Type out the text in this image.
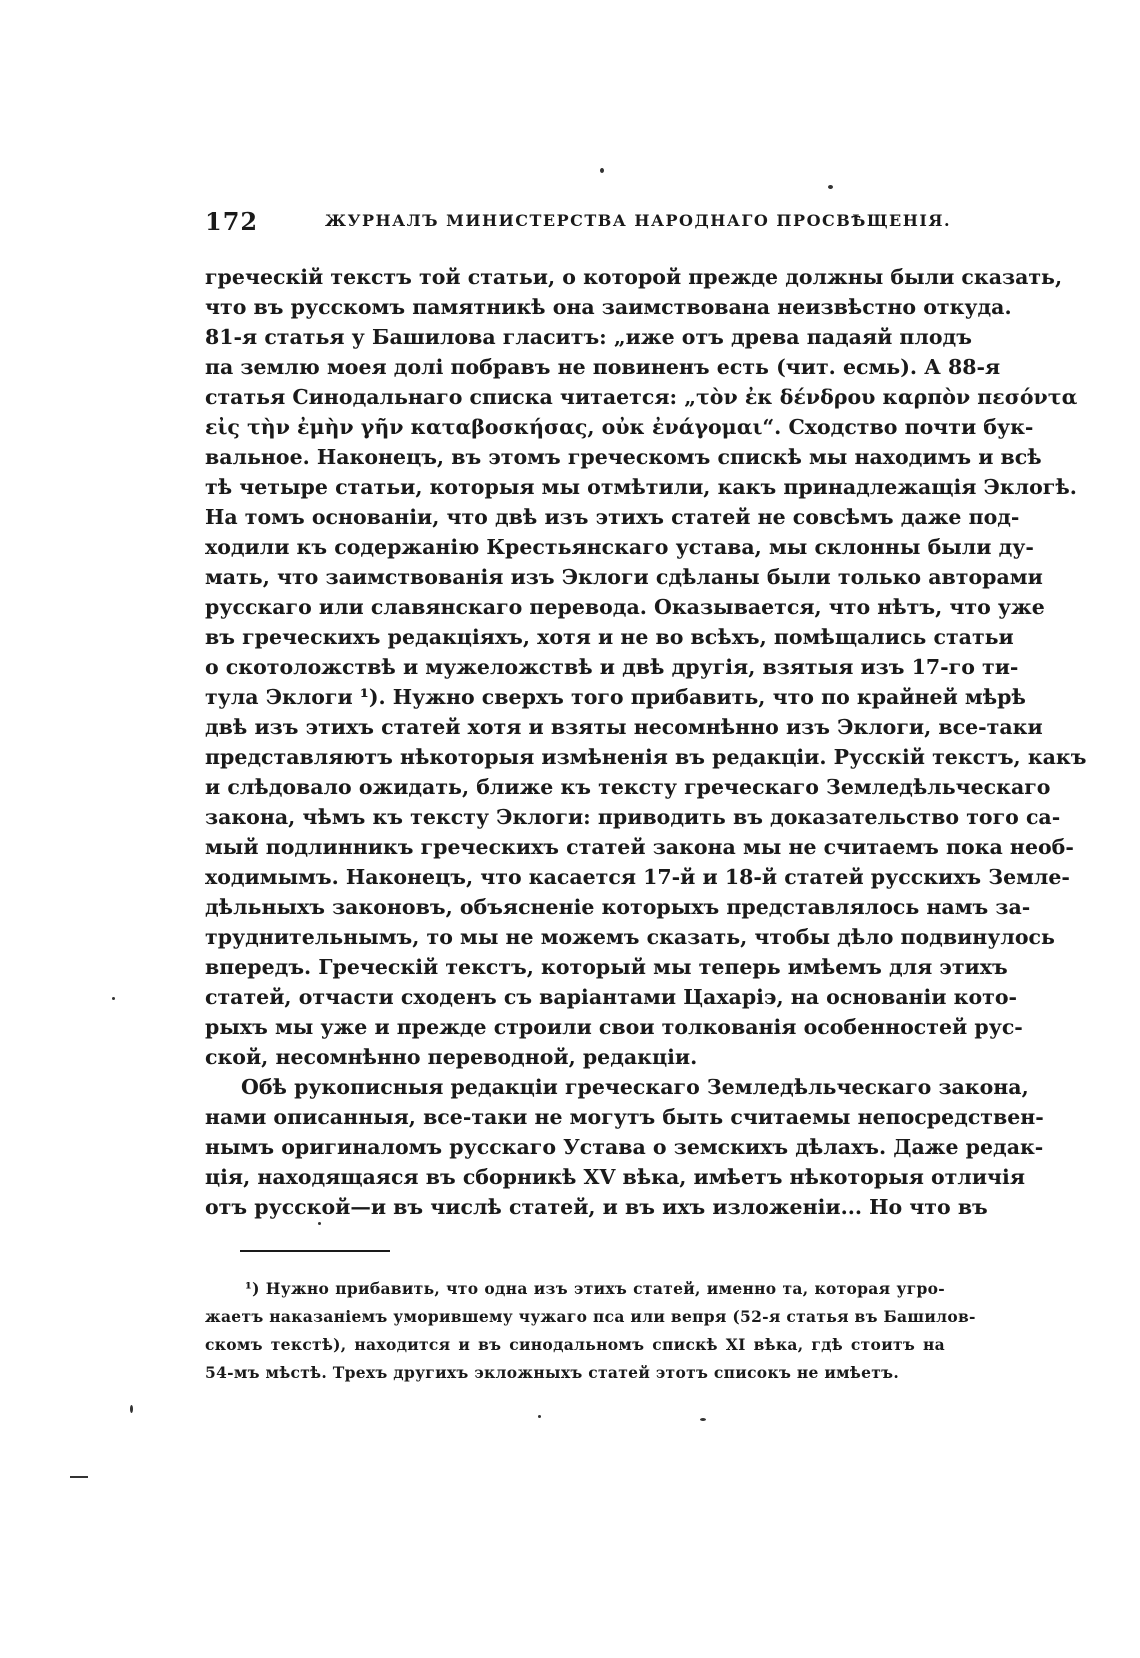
172	ЖУРНАЛЪ МИНИСТЕРСТВА НАРОДНАГО ПРОСВѢЩЕНІЯ.

греческій текстъ той статьи, о которой прежде должны были сказать,
что въ русскомъ памятникѣ она заимствована неизвѣстно откуда.
81-я статья у Башилова гласитъ: „иже отъ древа падаяй плодъ
па землю моея долі побравъ не повиненъ есть (чит. есмь). А 88-я
статья Синодальнаго списка читается: „τὸν ἐκ δένδρου καρπὸν πεσόντα
εἰς τὴν ἐμὴν γῆν καταβοσκήσας, οὐκ ἐνάγομαι“. Сходство почти бук-
вальное. Наконецъ, въ этомъ греческомъ спискѣ мы находимъ и всѣ
тѣ четыре статьи, которыя мы отмѣтили, какъ принадлежащія Эклогѣ.
На томъ основаніи, что двѣ изъ этихъ статей не совсѣмъ даже под-
ходили къ содержанію Крестьянскаго устава, мы склонны были ду-
мать, что заимствованія изъ Эклоги сдѣланы были только авторами
русскаго или славянскаго перевода. Оказывается, что нѣтъ, что уже
въ греческихъ редакціяхъ, хотя и не во всѣхъ, помѣщались статьи
о скотоложствѣ и мужеложствѣ и двѣ другія, взятыя изъ 17-го ти-
тула Эклоги ¹). Нужно сверхъ того прибавить, что по крайней мѣрѣ
двѣ изъ этихъ статей хотя и взяты несомнѣнно изъ Эклоги, все-таки
представляютъ нѣкоторыя измѣненія въ редакціи. Русскій текстъ, какъ
и слѣдовало ожидать, ближе къ тексту греческаго Земледѣльческаго
закона, чѣмъ къ тексту Эклоги: приводить въ доказательство того са-
мый подлинникъ греческихъ статей закона мы не считаемъ пока необ-
ходимымъ. Наконецъ, что касается 17-й и 18-й статей русскихъ Земле-
дѣльныхъ законовъ, объясненіе которыхъ представлялось намъ за-
труднительнымъ, то мы не можемъ сказать, чтобы дѣло подвинулось
впередъ. Греческій текстъ, который мы теперь имѣемъ для этихъ
статей, отчасти сходенъ съ варіантами Цахаріэ, на основаніи кото-
рыхъ мы уже и прежде строили свои толкованія особенностей рус-
ской, несомнѣнно переводной, редакціи.

Обѣ рукописныя редакціи греческаго Земледѣльческаго закона,
нами описанныя, все-таки не могутъ быть считаемы непосредствен-
нымъ оригиналомъ русскаго Устава о земскихъ дѣлахъ. Даже редак-
ція, находящаяся въ сборникѣ XV вѣка, имѣетъ нѣкоторыя отличія
отъ русской—и въ числѣ статей, и въ ихъ изложеніи... Но что въ

¹) Нужно прибавить, что одна изъ этихъ статей, именно та, которая угро-
жаетъ наказаніемъ уморившему чужаго пса или вепря (52-я статья въ Башилов-
скомъ текстѣ), находится и въ синодальномъ спискѣ XI вѣка, гдѣ стоитъ на
54-мъ мѣстѣ. Трехъ другихъ экложныхъ статей этотъ списокъ не имѣетъ.
